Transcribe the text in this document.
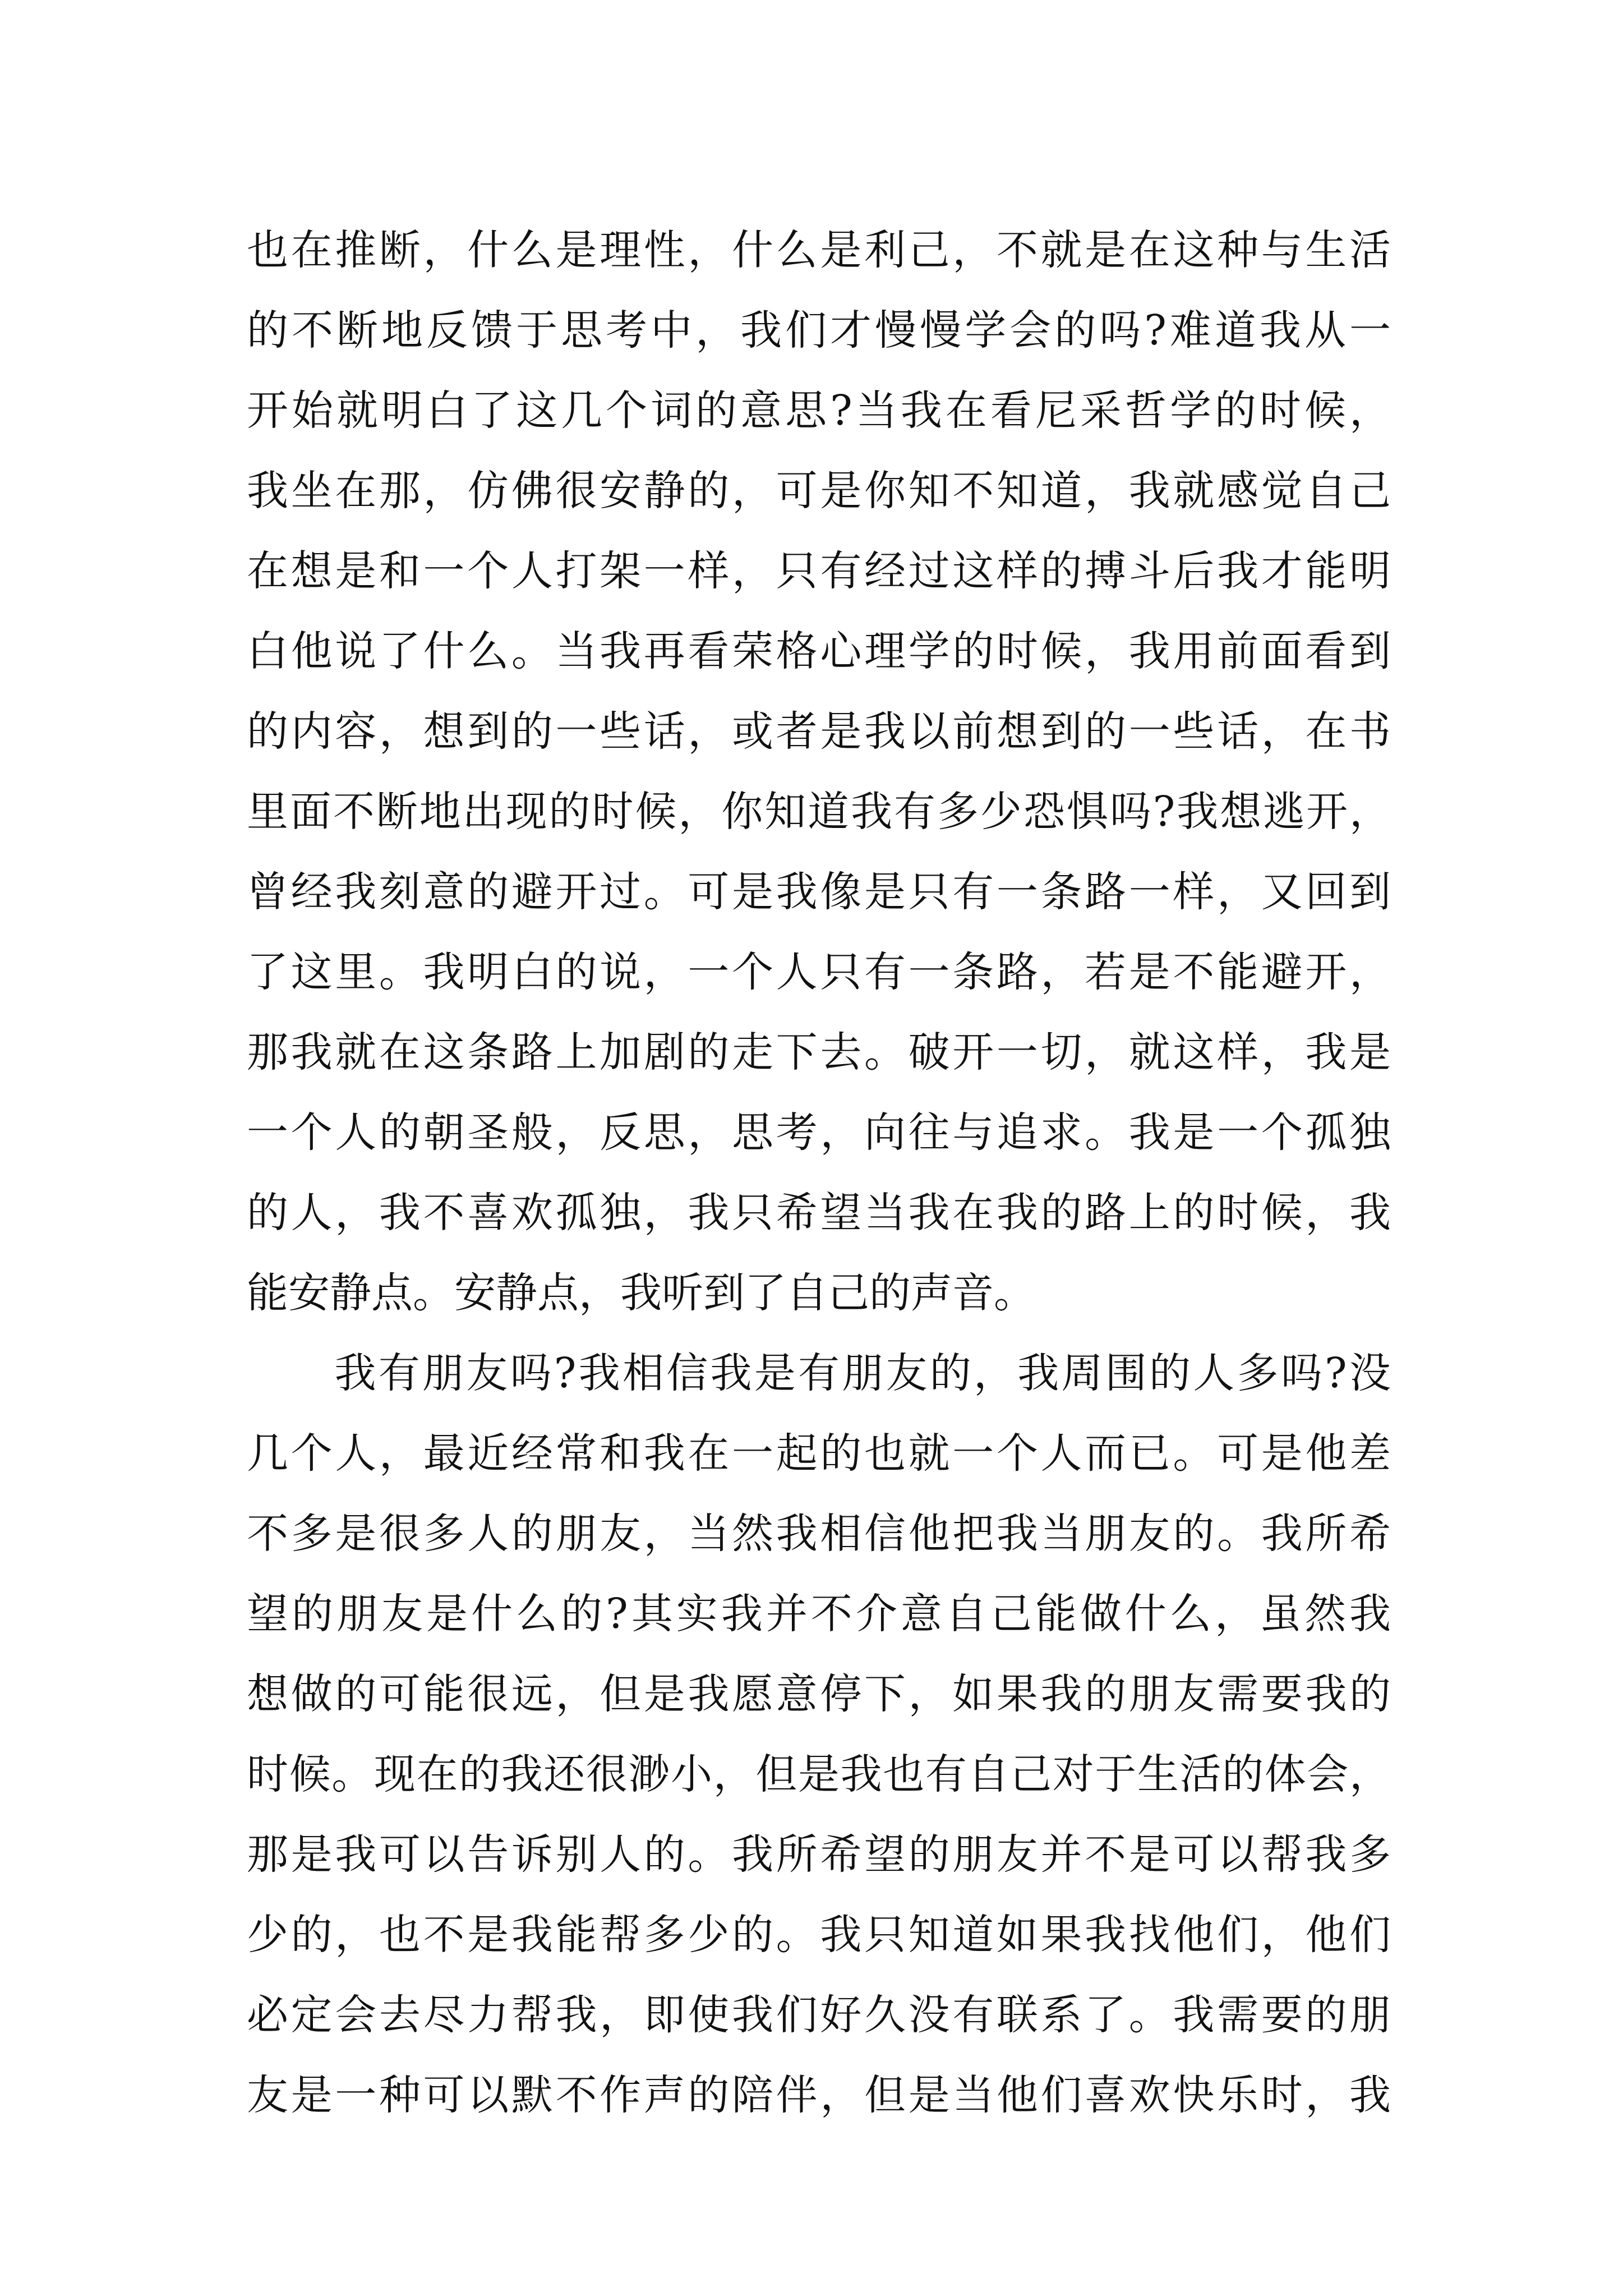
也在推断，什么是理性，什么是利己，不就是在这种与生活
的不断地反馈于思考中，我们才慢慢学会的吗?难道我从一
开始就明白了这几个词的意思?当我在看尼采哲学的时候，
我坐在那，仿佛很安静的，可是你知不知道，我就感觉自己
在想是和一个人打架一样，只有经过这样的搏斗后我才能明
白他说了什么。当我再看荣格心理学的时候，我用前面看到
的内容，想到的一些话，或者是我以前想到的一些话，在书
里面不断地出现的时候，你知道我有多少恐惧吗?我想逃开，
曾经我刻意的避开过。可是我像是只有一条路一样，又回到
了这里。我明白的说，一个人只有一条路，若是不能避开，
那我就在这条路上加剧的走下去。破开一切，就这样，我是
一个人的朝圣般，反思，思考，向往与追求。我是一个孤独
的人，我不喜欢孤独，我只希望当我在我的路上的时候，我
能安静点。安静点，我听到了自己的声音。
　　我有朋友吗?我相信我是有朋友的，我周围的人多吗?没
几个人，最近经常和我在一起的也就一个人而已。可是他差
不多是很多人的朋友，当然我相信他把我当朋友的。我所希
望的朋友是什么的?其实我并不介意自己能做什么，虽然我
想做的可能很远，但是我愿意停下，如果我的朋友需要我的
时候。现在的我还很渺小，但是我也有自己对于生活的体会，
那是我可以告诉别人的。我所希望的朋友并不是可以帮我多
少的，也不是我能帮多少的。我只知道如果我找他们，他们
必定会去尽力帮我，即使我们好久没有联系了。我需要的朋
友是一种可以默不作声的陪伴，但是当他们喜欢快乐时，我
